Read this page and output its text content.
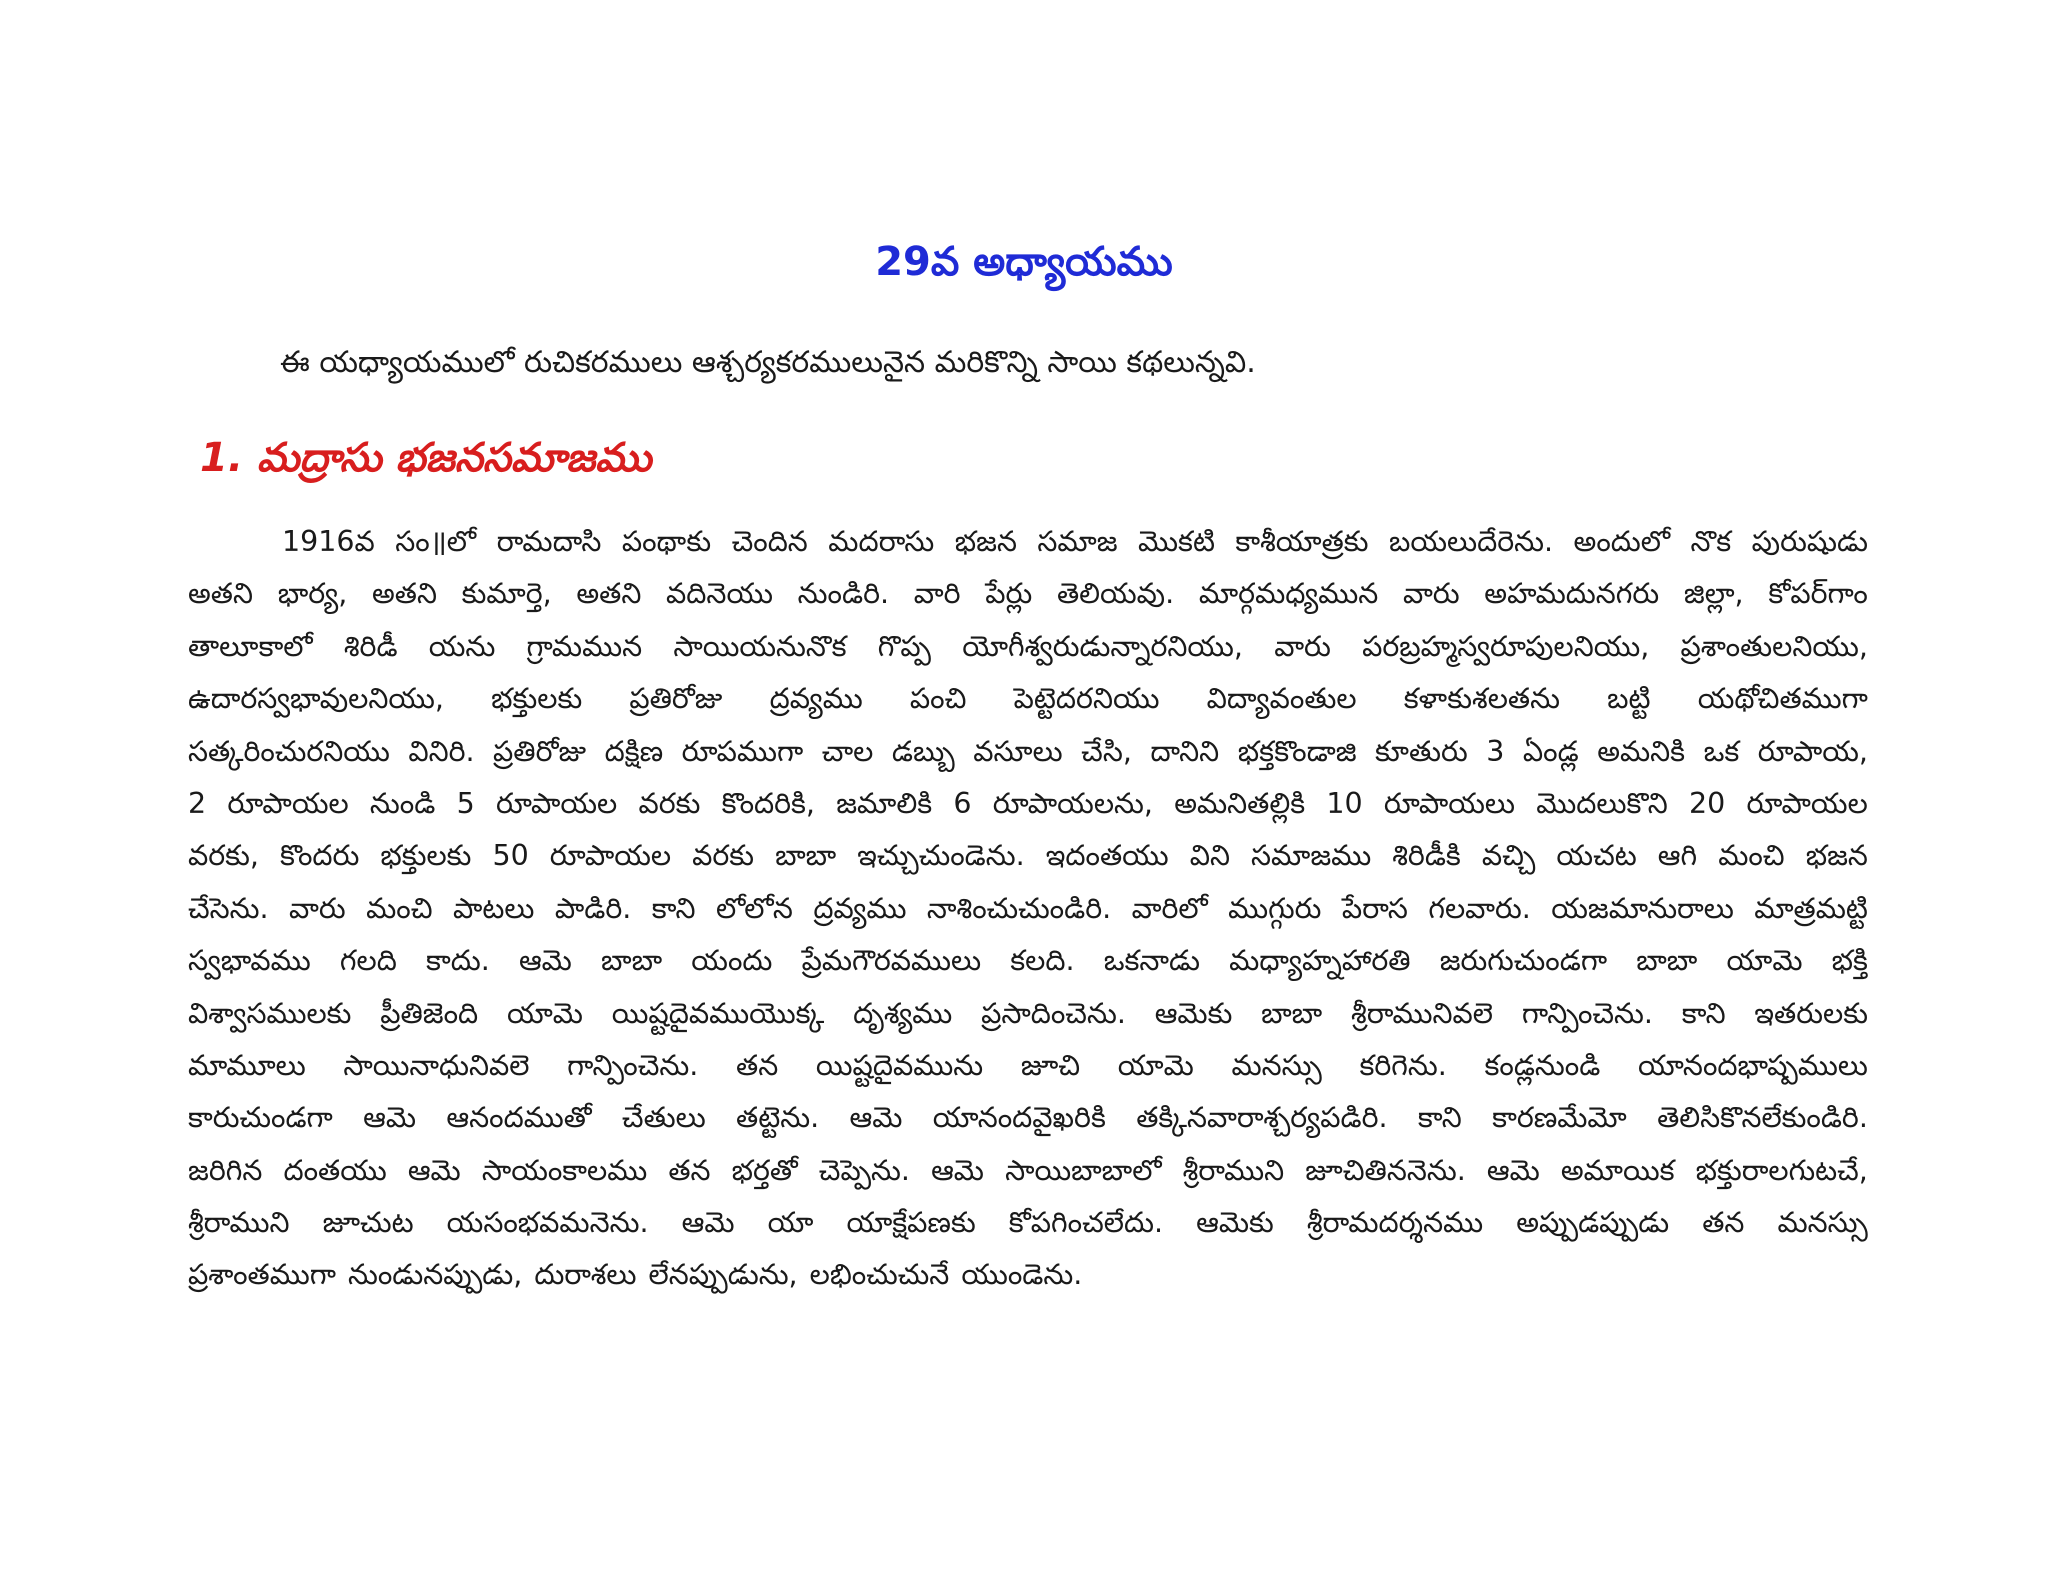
29వ అధ్యాయము

ఈ యధ్యాయములో రుచికరములు ఆశ్చర్యకరములునైన మరికొన్ని సాయి కథలున్నవి.

1. మద్రాసు భజనసమాజము
1916వ సం॥లో రామదాసి పంథాకు చెందిన మదరాసు భజన సమాజ మొకటి కాశీయాత్రకు బయలుదేరెను. అందులో నొక పురుషుడు
అతని భార్య, అతని కుమార్తె, అతని వదినెయు నుండిరి. వారి పేర్లు తెలియవు. మార్గమధ్యమున వారు అహమదునగరు జిల్లా, కోపర్‌గాం
తాలూకాలో శిరిడీ యను గ్రామమున సాయియనునొక గొప్ప యోగీశ్వరుడున్నారనియు, వారు పరబ్రహ్మస్వరూపులనియు, ప్రశాంతులనియు,
ఉదారస్వభావులనియు, భక్తులకు ప్రతిరోజు ద్రవ్యము పంచి పెట్టెదరనియు విద్యావంతుల కళాకుశలతను బట్టి యథోచితముగా
సత్కరించురనియు వినిరి. ప్రతిరోజు దక్షిణ రూపముగా చాల డబ్బు వసూలు చేసి, దానిని భక్తకొండాజి కూతురు 3 ఏండ్ల అమనికి ఒక రూపాయ,
2 రూపాయల నుండి 5 రూపాయల వరకు కొందరికి, జమాలికి 6 రూపాయలను, అమనితల్లికి 10 రూపాయలు మొదలుకొని 20 రూపాయల
వరకు, కొందరు భక్తులకు 50 రూపాయల వరకు బాబా ఇచ్చుచుండెను. ఇదంతయు విని సమాజము శిరిడీకి వచ్చి యచట ఆగి మంచి భజన
చేసెను. వారు మంచి పాటలు పాడిరి. కాని లోలోన ద్రవ్యము నాశించుచుండిరి. వారిలో ముగ్గురు పేరాస గలవారు. యజమానురాలు మాత్రమట్టి
స్వభావము గలది కాదు. ఆమె బాబా యందు ప్రేమగౌరవములు కలది. ఒకనాడు మధ్యాహ్నహారతి జరుగుచుండగా బాబా యామె భక్తి
విశ్వాసములకు ప్రీతిజెంది యామె యిష్టదైవముయొక్క దృశ్యము ప్రసాదించెను. ఆమెకు బాబా శ్రీరామునివలె గాన్పించెను. కాని ఇతరులకు
మామూలు సాయినాధునివలె గాన్పించెను. తన యిష్టదైవమును జూచి యామె మనస్సు కరిగెను. కండ్లనుండి యానందభాష్పములు
కారుచుండగా ఆమె ఆనందముతో చేతులు తట్టెను. ఆమె యానందవైఖరికి తక్కినవారాశ్చర్యపడిరి. కాని కారణమేమో తెలిసికొనలేకుండిరి.
జరిగిన దంతయు ఆమె సాయంకాలము తన భర్తతో చెప్పెను. ఆమె సాయిబాబాలో శ్రీరాముని జూచితిననెను. ఆమె అమాయిక భక్తురాలగుటచే,
శ్రీరాముని జూచుట యసంభవమనెను. ఆమె యా యాక్షేపణకు కోపగించలేదు. ఆమెకు శ్రీరామదర్శనము అప్పుడప్పుడు తన మనస్సు
ప్రశాంతముగా నుండునప్పుడు, దురాశలు లేనప్పుడును, లభించుచునే యుండెను.
